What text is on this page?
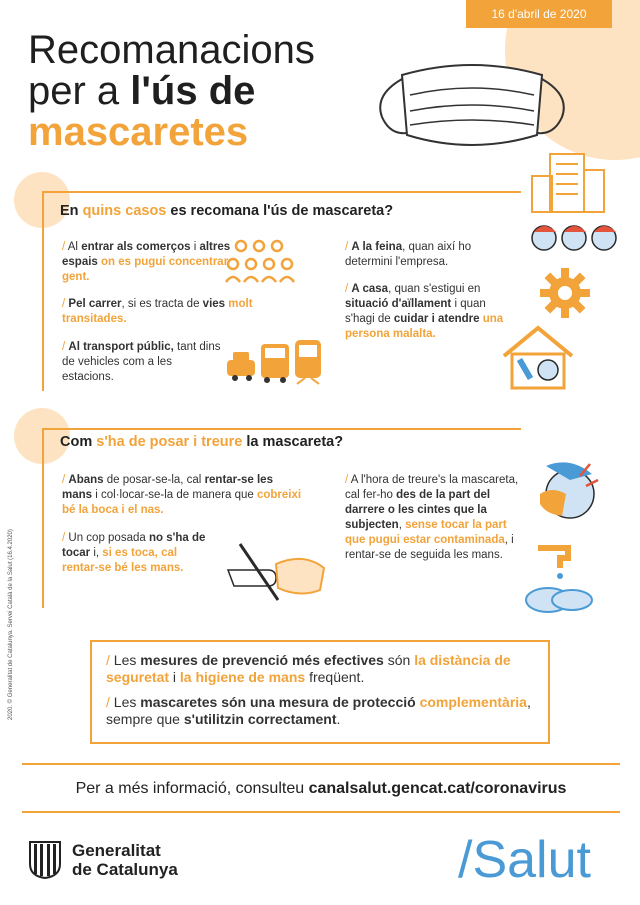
16 d'abril de 2020
Recomanacions
per a l'ús de
mascaretes
En quins casos es recomana l'ús de mascareta?
/ Al entrar als comerços i altres espais on es pugui concentrar gent.
/ Pel carrer, si es tracta de vies molt transitades.
/ Al transport públic, tant dins de vehicles com a les estacions.
/ A la feina, quan així ho determini l'empresa.
/ A casa, quan s'estigui en situació d'aïllament i quan s'hagi de cuidar i atendre una persona malalta.
Com s'ha de posar i treure la mascareta?
/ Abans de posar-se-la, cal rentar-se les mans i col·locar-se-la de manera que cobreixi bé la boca i el nas.
/ Un cop posada no s'ha de tocar i, si es toca, cal rentar-se bé les mans.
/ A l'hora de treure's la mascareta, cal fer-ho des de la part del darrere o les cintes que la subjecten, sense tocar la part que pugui estar contaminada, i rentar-se de seguida les mans.

/ Les mesures de prevenció més efectives són la distància de seguretat i la higiene de mans freqüent.

/ Les mascaretes són una mesura de protecció complementària, sempre que s'utilitzin correctament.

Per a més informació, consulteu canalsalut.gencat.cat/coronavirus
2020. © Generalitat de Catalunya. Servei Català de la Salut (16.4.2020)
Generalitat
de Catalunya	/Salut
